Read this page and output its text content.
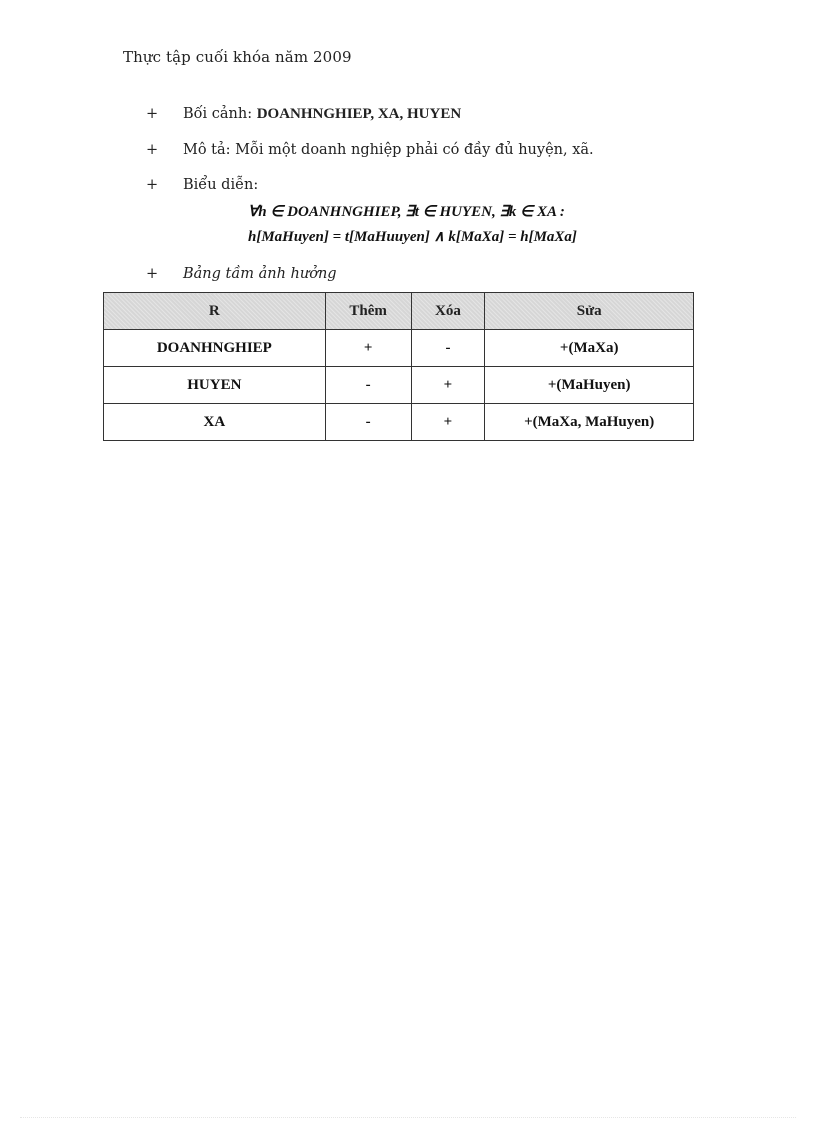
Thực tập cuối khóa năm 2009
+ Bối cảnh: DOANHNGHIEP, XA, HUYEN
+ Mô tả: Mỗi một doanh nghiệp phải có đầy đủ huyện, xã.
+ Biểu diễn:
∀h ∈ DOANHNGHIEP, ∃t ∈ HUYEN, ∃k ∈ XA :
h[MaHuyen] = t[MaHuuyen] ∧ k[MaXa] = h[MaXa]
+ Bảng tầm ảnh hưởng
R	Thêm	Xóa	Sửa
DOANHNGHIEP	+	-	+(MaXa)
HUYEN	-	+	+(MaHuyen)
XA	-	+	+(MaXa, MaHuyen)
